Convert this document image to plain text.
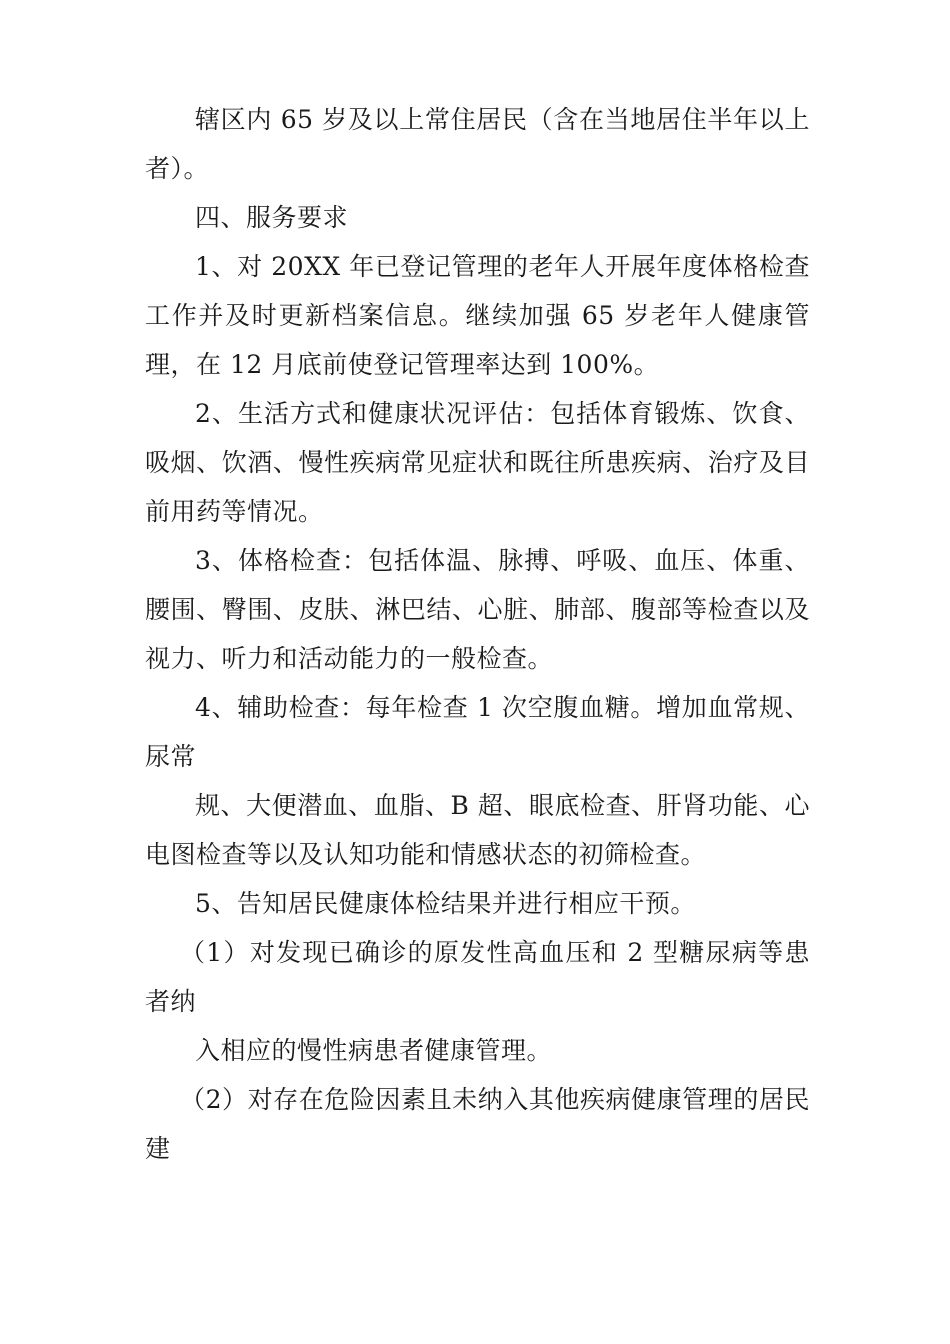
辖区内 65 岁及以上常住居民（含在当地居住半年以上者）。

四、服务要求

1、对 20XX 年已登记管理的老年人开展年度体格检查工作并及时更新档案信息。继续加强 65 岁老年人健康管理，在 12 月底前使登记管理率达到 100%。

2、生活方式和健康状况评估：包括体育锻炼、饮食、吸烟、饮酒、慢性疾病常见症状和既往所患疾病、治疗及目前用药等情况。

3、体格检查：包括体温、脉搏、呼吸、血压、体重、腰围、臀围、皮肤、淋巴结、心脏、肺部、腹部等检查以及视力、听力和活动能力的一般检查。

4、辅助检查：每年检查 1 次空腹血糖。增加血常规、尿常

规、大便潜血、血脂、B 超、眼底检查、肝肾功能、心电图检查等以及认知功能和情感状态的初筛检查。

5、告知居民健康体检结果并进行相应干预。

（1）对发现已确诊的原发性高血压和 2 型糖尿病等患者纳

入相应的慢性病患者健康管理。

（2）对存在危险因素且未纳入其他疾病健康管理的居民建
